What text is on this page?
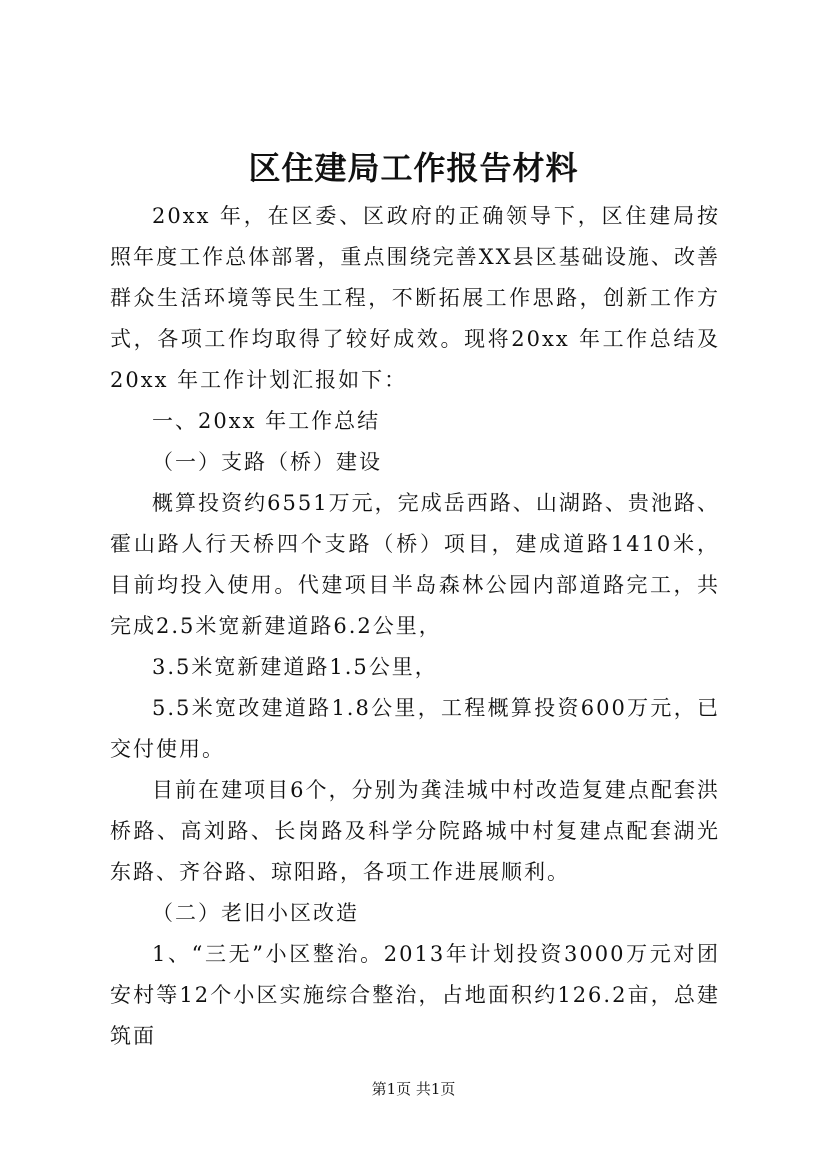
区住建局工作报告材料

20xx 年，在区委、区政府的正确领导下，区住建局按照年度工作总体部署，重点围绕完善XX县区基础设施、改善群众生活环境等民生工程，不断拓展工作思路，创新工作方式，各项工作均取得了较好成效。现将20xx 年工作总结及20xx 年工作计划汇报如下：

一、20xx 年工作总结

（一）支路（桥）建设

概算投资约6551万元，完成岳西路、山湖路、贵池路、霍山路人行天桥四个支路（桥）项目，建成道路1410米，目前均投入使用。代建项目半岛森林公园内部道路完工，共完成2.5米宽新建道路6.2公里，

3.5米宽新建道路1.5公里，

5.5米宽改建道路1.8公里，工程概算投资600万元，已交付使用。

目前在建项目6个，分别为龚洼城中村改造复建点配套洪桥路、高刘路、长岗路及科学分院路城中村复建点配套湖光东路、齐谷路、琼阳路，各项工作进展顺利。

（二）老旧小区改造

1、“三无”小区整治。2013年计划投资3000万元对团安村等12个小区实施综合整治，占地面积约126.2亩，总建筑面

第1页 共1页
